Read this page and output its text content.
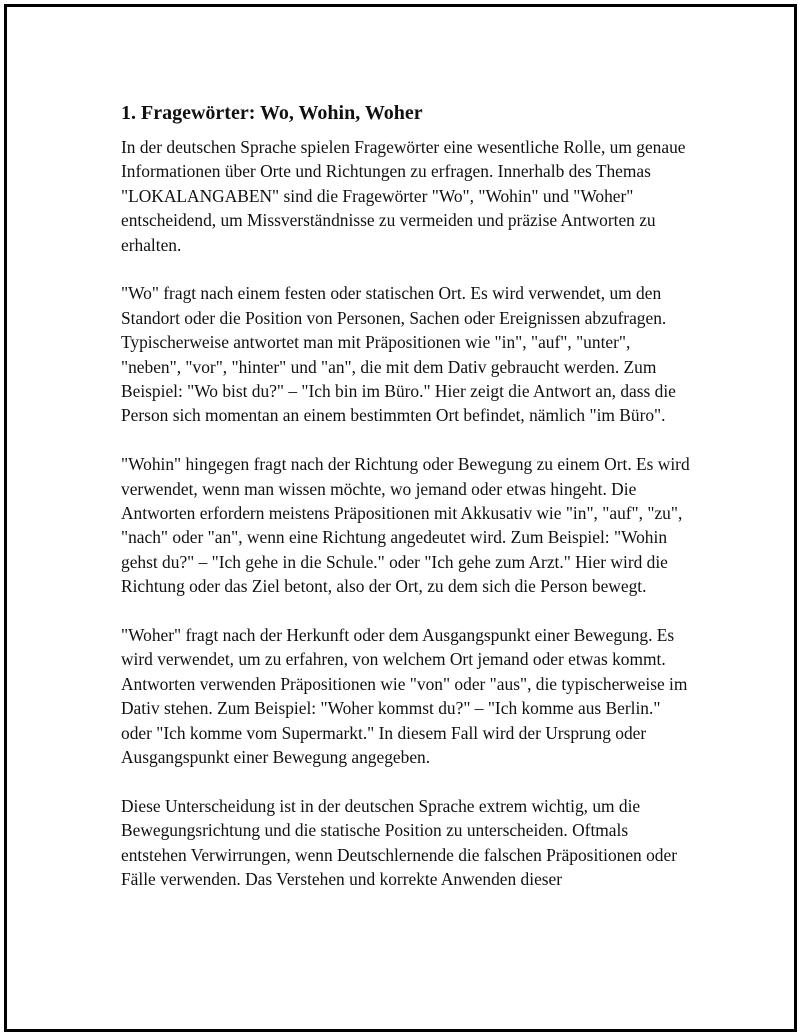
1. Fragewörter: Wo, Wohin, Woher

In der deutschen Sprache spielen Fragewörter eine wesentliche Rolle, um genaue Informationen über Orte und Richtungen zu erfragen. Innerhalb des Themas "LOKALANGABEN" sind die Fragewörter "Wo", "Wohin" und "Woher" entscheidend, um Missverständnisse zu vermeiden und präzise Antworten zu erhalten.

"Wo" fragt nach einem festen oder statischen Ort. Es wird verwendet, um den Standort oder die Position von Personen, Sachen oder Ereignissen abzufragen. Typischerweise antwortet man mit Präpositionen wie "in", "auf", "unter", "neben", "vor", "hinter" und "an", die mit dem Dativ gebraucht werden. Zum Beispiel: "Wo bist du?" – "Ich bin im Büro." Hier zeigt die Antwort an, dass die Person sich momentan an einem bestimmten Ort befindet, nämlich "im Büro".

"Wohin" hingegen fragt nach der Richtung oder Bewegung zu einem Ort. Es wird verwendet, wenn man wissen möchte, wo jemand oder etwas hingeht. Die Antworten erfordern meistens Präpositionen mit Akkusativ wie "in", "auf", "zu", "nach" oder "an", wenn eine Richtung angedeutet wird. Zum Beispiel: "Wohin gehst du?" – "Ich gehe in die Schule." oder "Ich gehe zum Arzt." Hier wird die Richtung oder das Ziel betont, also der Ort, zu dem sich die Person bewegt.

"Woher" fragt nach der Herkunft oder dem Ausgangspunkt einer Bewegung. Es wird verwendet, um zu erfahren, von welchem Ort jemand oder etwas kommt. Antworten verwenden Präpositionen wie "von" oder "aus", die typischerweise im Dativ stehen. Zum Beispiel: "Woher kommst du?" – "Ich komme aus Berlin." oder "Ich komme vom Supermarkt." In diesem Fall wird der Ursprung oder Ausgangspunkt einer Bewegung angegeben.

Diese Unterscheidung ist in der deutschen Sprache extrem wichtig, um die Bewegungsrichtung und die statische Position zu unterscheiden. Oftmals entstehen Verwirrungen, wenn Deutschlernende die falschen Präpositionen oder Fälle verwenden. Das Verstehen und korrekte Anwenden dieser
